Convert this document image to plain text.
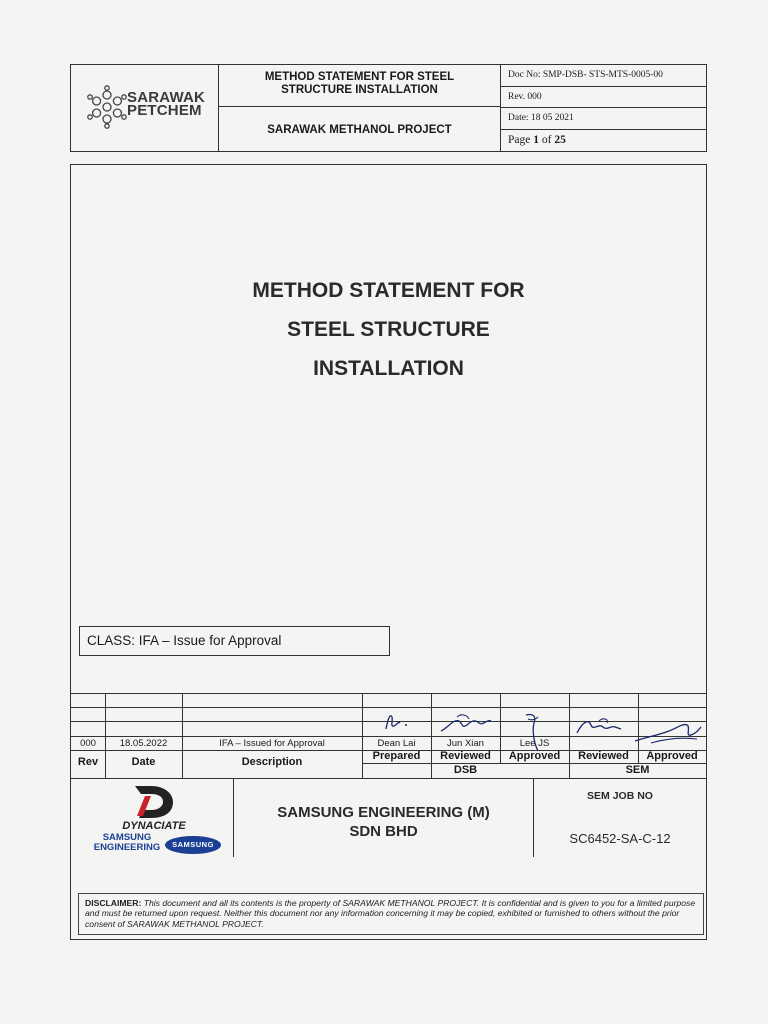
SARAWAK
PETCHEM
METHOD STATEMENT FOR STEEL
STRUCTURE INSTALLATION
SARAWAK METHANOL PROJECT
Doc No: SMP-DSB- STS-MTS-0005-00
Rev. 000
Date: 18 05 2021
Page 1 of 25
METHOD STATEMENT FOR
STEEL STRUCTURE
INSTALLATION
CLASS: IFA – Issue for Approval
000	18.05.2022	IFA – Issued for Approval	Dean Lai	Jun Xian	Lee JS
Rev	Date	Description	Prepared	Reviewed	Approved	Reviewed	Approved
DSB	SEM
DYNACIATE
SAMSUNG
ENGINEERING	SAMSUNG
SAMSUNG ENGINEERING (M)
SDN BHD
SEM JOB NO
SC6452-SA-C-12
DISCLAIMER: This document and all its contents is the property of SARAWAK METHANOL PROJECT. It is confidential and is given to you for a limited purpose and must be returned upon request. Neither this document nor any information concerning it may be copied, exhibited or furnished to others without the prior consent of SARAWAK METHANOL PROJECT.
